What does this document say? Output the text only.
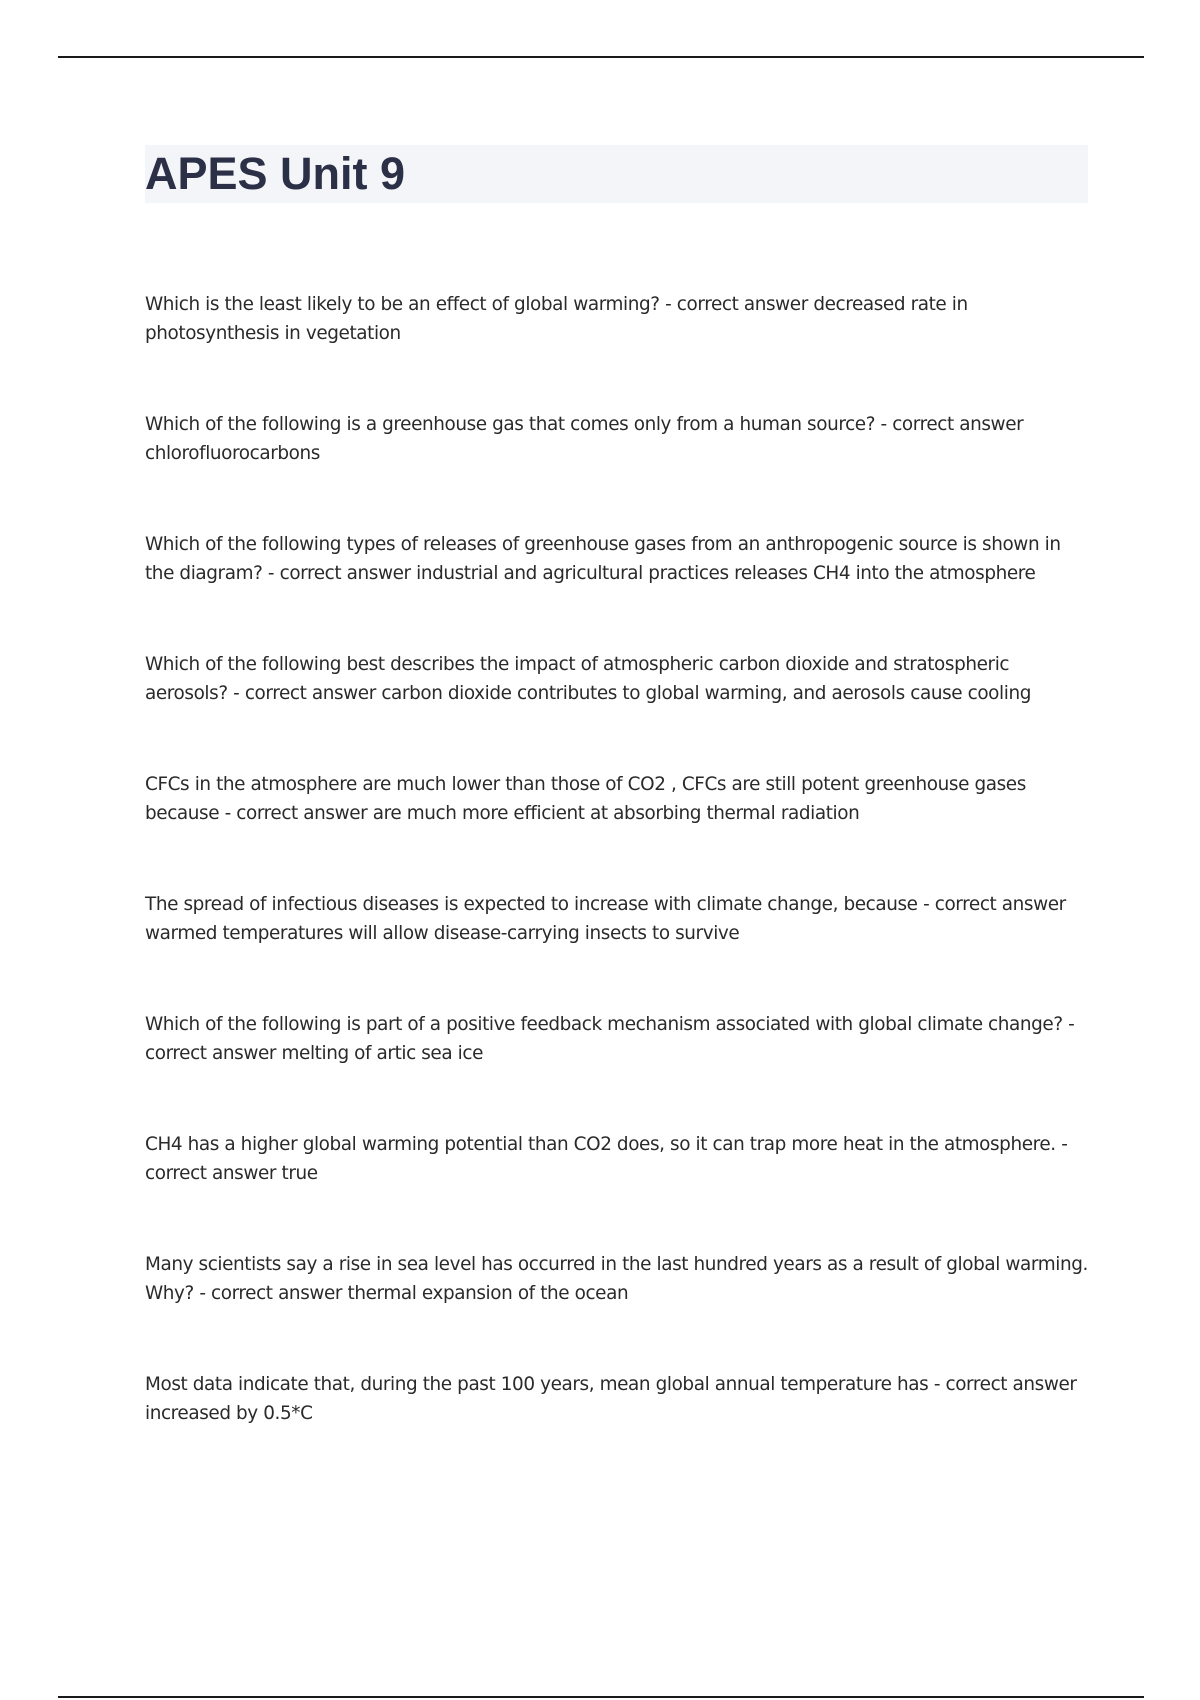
APES Unit 9

Which is the least likely to be an effect of global warming? - correct answer decreased rate in photosynthesis in vegetation

Which of the following is a greenhouse gas that comes only from a human source? - correct answerchlorofluorocarbons

Which of the following types of releases of greenhouse gases from an anthropogenic source is shown in the diagram? - correct answer industrial and agricultural practices releases CH4 into the atmosphere

Which of the following best describes the impact of atmospheric carbon dioxide and stratospheric aerosols? - correct answer carbon dioxide contributes to global warming, and aerosols cause cooling

CFCs in the atmosphere are much lower than those of CO2 , CFCs are still potent greenhouse gases because - correct answer are much more efficient at absorbing thermal radiation

The spread of infectious diseases is expected to increase with climate change, because - correct answerwarmed temperatures will allow disease-carrying insects to survive

Which of the following is part of a positive feedback mechanism associated with global climate change? - correct answer melting of artic sea ice

CH4 has a higher global warming potential than CO2 does, so it can trap more heat in the atmosphere. - correct answer true

Many scientists say a rise in sea level has occurred in the last hundred years as a result of global warming. Why? - correct answer thermal expansion of the ocean

Most data indicate that, during the past 100 years, mean global annual temperature has - correct answerincreased by 0.5*C
